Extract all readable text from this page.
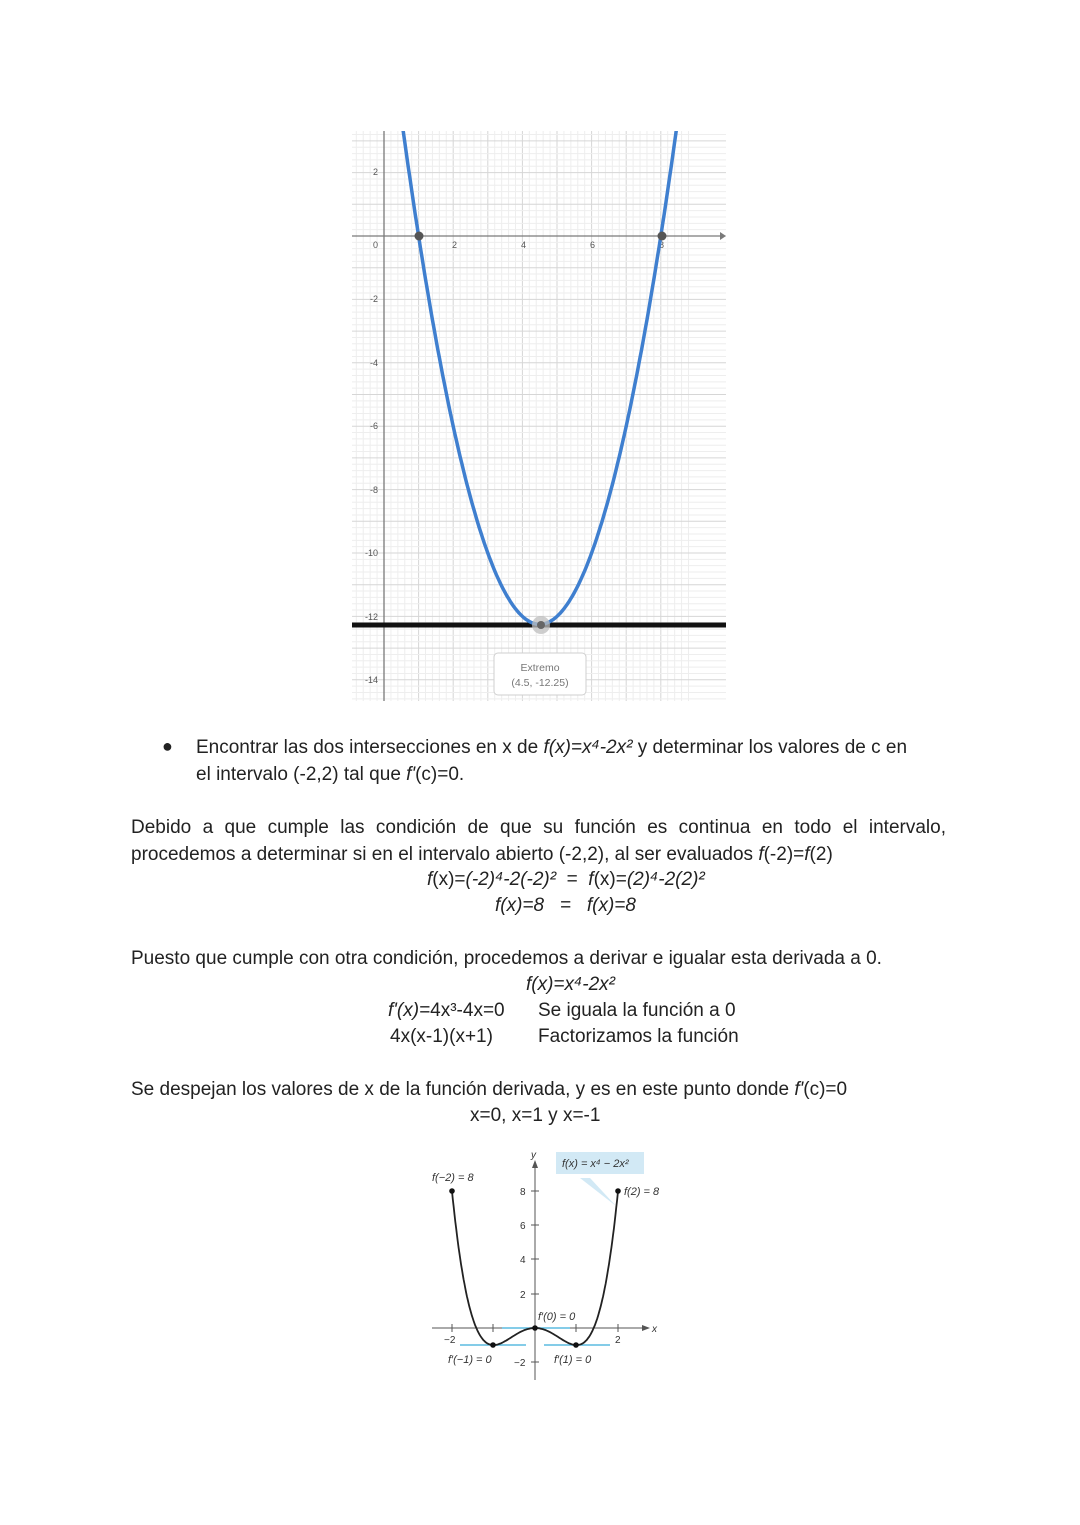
0	2	4	6	8
2
-2
-4
-6
-8
-10
-12
-14
Extremo
(4.5, -12.25)
● Encontrar las dos intersecciones en x de f(x)=x⁴-2x² y determinar los valores de c en
el intervalo (-2,2) tal que f'(c)=0.
Debido a que cumple las condición de que su función es continua en todo el intervalo,
procedemos a determinar si en el intervalo abierto (-2,2), al ser evaluados f(-2)=f(2)
f(x)=(-2)⁴-2(-2)²  =  f(x)=(2)⁴-2(2)²
f(x)=8   =   f(x)=8
Puesto que cumple con otra condición, procedemos a derivar e igualar esta derivada a 0.
f(x)=x⁴-2x²
f'(x)=4x³-4x=0 Se iguala la función a 0
4x(x-1)(x+1) Factorizamos la función
Se despejan los valores de x de la función derivada, y es en este punto donde f'(c)=0
x=0, x=1 y x=-1
y
x
8
6
4
2
−2
−2	2
f(x) = x⁴ − 2x²
f(−2) = 8
f(2) = 8
f′(0) = 0
f′(−1) = 0	f′(1) = 0
